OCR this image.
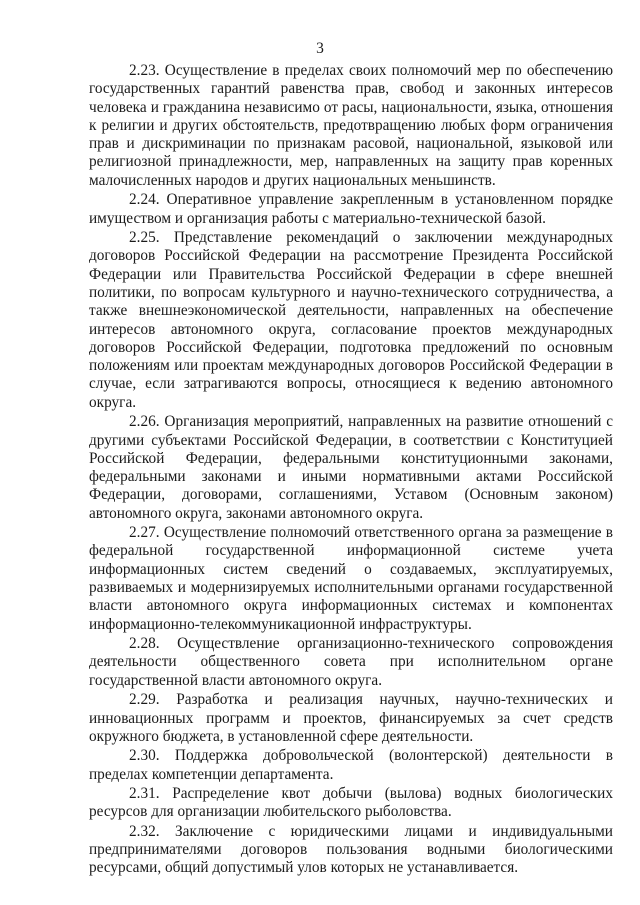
3

2.23. Осуществление в пределах своих полномочий мер по обеспечению государственных гарантий равенства прав, свобод и законных интересов человека и гражданина независимо от расы, национальности, языка, отношения к религии и других обстоятельств, предотвращению любых форм ограничения прав и дискриминации по признакам расовой, национальной, языковой или религиозной принадлежности, мер, направленных на защиту прав коренных малочисленных народов и других национальных меньшинств.

2.24. Оперативное управление закрепленным в установленном порядке имуществом и организация работы с материально-технической базой.

2.25. Представление рекомендаций о заключении международных договоров Российской Федерации на рассмотрение Президента Российской Федерации или Правительства Российской Федерации в сфере внешней политики, по вопросам культурного и научно-технического сотрудничества, а также внешнеэкономической деятельности, направленных на обеспечение интересов автономного округа, согласование проектов международных договоров Российской Федерации, подготовка предложений по основным положениям или проектам международных договоров Российской Федерации в случае, если затрагиваются вопросы, относящиеся к ведению автономного округа.

2.26. Организация мероприятий, направленных на развитие отношений с другими субъектами Российской Федерации, в соответствии с Конституцией Российской Федерации, федеральными конституционными законами, федеральными законами и иными нормативными актами Российской Федерации, договорами, соглашениями, Уставом (Основным законом) автономного округа, законами автономного округа.

2.27. Осуществление полномочий ответственного органа за размещение в федеральной государственной информационной системе учета информационных систем сведений о создаваемых, эксплуатируемых, развиваемых и модернизируемых исполнительными органами государственной власти автономного округа информационных системах и компонентах информационно-телекоммуникационной инфраструктуры.

2.28. Осуществление организационно-технического сопровождения деятельности общественного совета при исполнительном органе государственной власти автономного округа.

2.29. Разработка и реализация научных, научно-технических и инновационных программ и проектов, финансируемых за счет средств окружного бюджета, в установленной сфере деятельности.

2.30. Поддержка добровольческой (волонтерской) деятельности в пределах компетенции департамента.

2.31. Распределение квот добычи (вылова) водных биологических ресурсов для организации любительского рыболовства.

2.32. Заключение с юридическими лицами и индивидуальными предпринимателями договоров пользования водными биологическими ресурсами, общий допустимый улов которых не устанавливается.
